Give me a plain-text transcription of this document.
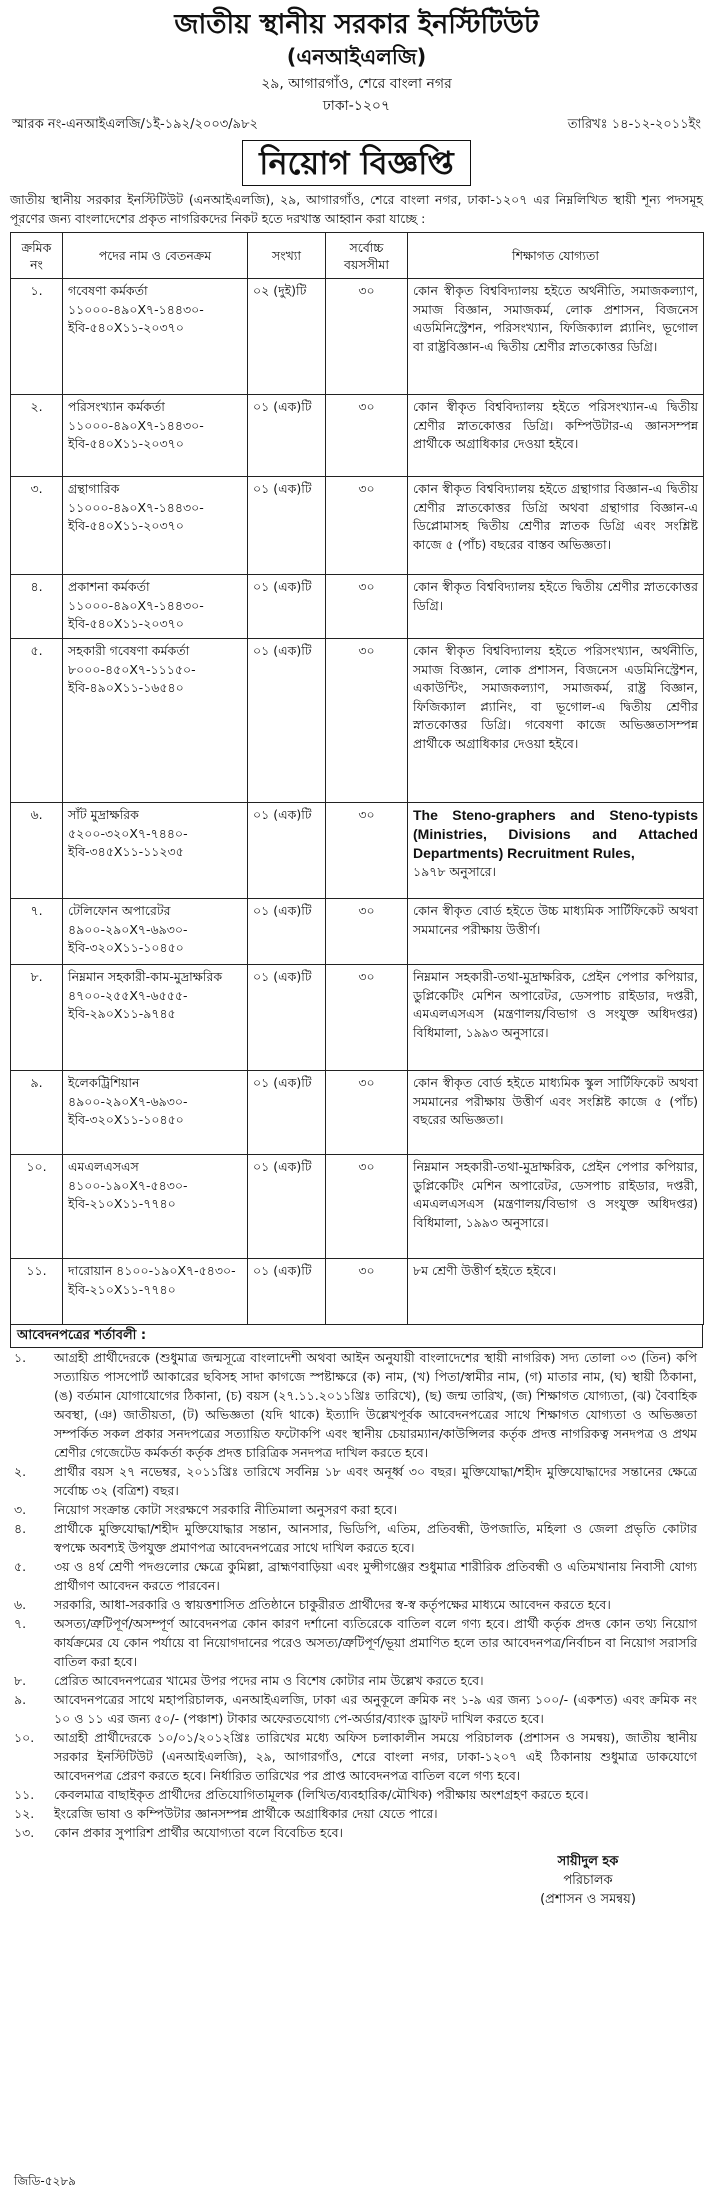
জাতীয় স্থানীয় সরকার ইনস্টিটিউট
(এনআইএলজি)
২৯, আগারগাঁও, শেরে বাংলা নগর
ঢাকা-১২০৭
স্মারক নং-এনআইএলজি/১ই-১৯২/২০০৩/৯৮২	তারিখঃ ১৪-১২-২০১১ইং
নিয়োগ বিজ্ঞপ্তি
জাতীয় স্থানীয় সরকার ইনস্টিটিউট (এনআইএলজি), ২৯, আগারগাঁও, শেরে বাংলা নগর, ঢাকা-১২০৭ এর নিম্নলিখিত স্থায়ী শূন্য পদসমূহ পূরণের জন্য বাংলাদেশের প্রকৃত নাগরিকদের নিকট হতে দরখাস্ত আহ্বান করা যাচ্ছে :
ক্রমিক নং	পদের নাম ও বেতনক্রম	সংখ্যা	সর্বোচ্চ বয়সসীমা	শিক্ষাগত যোগ্যতা
১.	গবেষণা কর্মকর্তা ১১০০০-৪৯০X৭-১৪৪৩০-ইবি-৫৪০X১১-২০৩৭০	০২ (দুই)টি	৩০	কোন স্বীকৃত বিশ্ববিদ্যালয় হইতে অর্থনীতি, সমাজকল্যাণ, সমাজ বিজ্ঞান, সমাজকর্ম, লোক প্রশাসন, বিজনেস এডমিনিস্ট্রেশন, পরিসংখ্যান, ফিজিক্যাল প্ল্যানিং, ভূগোল বা রাষ্ট্রবিজ্ঞান-এ দ্বিতীয় শ্রেণীর স্নাতকোত্তর ডিগ্রি।
২.	পরিসংখ্যান কর্মকর্তা ১১০০০-৪৯০X৭-১৪৪৩০-ইবি-৫৪০X১১-২০৩৭০	০১ (এক)টি	৩০	কোন স্বীকৃত বিশ্ববিদ্যালয় হইতে পরিসংখ্যান-এ দ্বিতীয় শ্রেণীর স্নাতকোত্তর ডিগ্রি। কম্পিউটার-এ জ্ঞানসম্পন্ন প্রার্থীকে অগ্রাধিকার দেওয়া হইবে।
৩.	গ্রন্থাগারিক ১১০০০-৪৯০X৭-১৪৪৩০-ইবি-৫৪০X১১-২০৩৭০	০১ (এক)টি	৩০	কোন স্বীকৃত বিশ্ববিদ্যালয় হইতে গ্রন্থাগার বিজ্ঞান-এ দ্বিতীয় শ্রেণীর স্নাতকোত্তর ডিগ্রি অথবা গ্রন্থাগার বিজ্ঞান-এ ডিপ্লোমাসহ দ্বিতীয় শ্রেণীর স্নাতক ডিগ্রি এবং সংশ্লিষ্ট কাজে ৫ (পাঁচ) বছরের বাস্তব অভিজ্ঞতা।
৪.	প্রকাশনা কর্মকর্তা ১১০০০-৪৯০X৭-১৪৪৩০-ইবি-৫৪০X১১-২০৩৭০	০১ (এক)টি	৩০	কোন স্বীকৃত বিশ্ববিদ্যালয় হইতে দ্বিতীয় শ্রেণীর স্নাতকোত্তর ডিগ্রি।
৫.	সহকারী গবেষণা কর্মকর্তা ৮০০০-৪৫০X৭-১১১৫০-ইবি-৪৯০X১১-১৬৫৪০	০১ (এক)টি	৩০	কোন স্বীকৃত বিশ্ববিদ্যালয় হইতে পরিসংখ্যান, অর্থনীতি, সমাজ বিজ্ঞান, লোক প্রশাসন, বিজনেস এডমিনিস্ট্রেশন, একাউন্টিং, সমাজকল্যাণ, সমাজকর্ম, রাষ্ট্র বিজ্ঞান, ফিজিক্যাল প্ল্যানিং, বা ভূগোল-এ দ্বিতীয় শ্রেণীর স্নাতকোত্তর ডিগ্রি। গবেষণা কাজে অভিজ্ঞতাসম্পন্ন প্রার্থীকে অগ্রাধিকার দেওয়া হইবে।
৬.	সাঁট মুদ্রাক্ষরিক ৫২০০-৩২০X৭-৭৪৪০-ইবি-৩৪৫X১১-১১২৩৫	০১ (এক)টি	৩০	The Steno-graphers and Steno-typists (Ministries, Divisions and Attached Departments) Recruitment Rules,
১৯৭৮ অনুসারে।

৭.	টেলিফোন অপারেটর ৪৯০০-২৯০X৭-৬৯৩০-ইবি-৩২০X১১-১০৪৫০	০১ (এক)টি	৩০	কোন স্বীকৃত বোর্ড হইতে উচ্চ মাধ্যমিক সার্টিফিকেট অথবা সমমানের পরীক্ষায় উত্তীর্ণ।
৮.	নিম্নমান সহকারী-কাম-মুদ্রাক্ষরিক ৪৭০০-২৫৫X৭-৬৫৫৫-ইবি-২৯০X১১-৯৭৪৫	০১ (এক)টি	৩০	নিম্নমান সহকারী-তথা-মুদ্রাক্ষরিক, প্রেইন পেপার কপিয়ার, ডুপ্লিকেটিং মেশিন অপারেটর, ডেসপাচ রাইডার, দপ্তরী, এমএলএসএস (মন্ত্রণালয়/বিভাগ ও সংযুক্ত অধিদপ্তর) বিধিমালা, ১৯৯৩ অনুসারে।
৯.	ইলেকট্রিশিয়ান ৪৯০০-২৯০X৭-৬৯৩০-ইবি-৩২০X১১-১০৪৫০	০১ (এক)টি	৩০	কোন স্বীকৃত বোর্ড হইতে মাধ্যমিক স্কুল সার্টিফিকেট অথবা সমমানের পরীক্ষায় উত্তীর্ণ এবং সংশ্লিষ্ট কাজে ৫ (পাঁচ) বছরের অভিজ্ঞতা।
১০.	এমএলএসএস ৪১০০-১৯০X৭-৫৪৩০-ইবি-২১০X১১-৭৭৪০	০১ (এক)টি	৩০	নিম্নমান সহকারী-তথা-মুদ্রাক্ষরিক, প্রেইন পেপার কপিয়ার, ডুপ্লিকেটিং মেশিন অপারেটর, ডেসপাচ রাইডার, দপ্তরী, এমএলএসএস (মন্ত্রণালয়/বিভাগ ও সংযুক্ত অধিদপ্তর) বিধিমালা, ১৯৯৩ অনুসারে।
১১.	দারোয়ান ৪১০০-১৯০X৭-৫৪৩০-ইবি-২১০X১১-৭৭৪০	০১ (এক)টি	৩০	৮ম শ্রেণী উত্তীর্ণ হইতে হইবে।
আবেদনপত্রের শর্তাবলী :
১.	আগ্রহী প্রার্থীদেরকে (শুধুমাত্র জন্মসূত্রে বাংলাদেশী অথবা আইন অনুযায়ী বাংলাদেশের স্থায়ী নাগরিক) সদ্য তোলা ০৩ (তিন) কপি সত্যায়িত পাসপোর্ট আকারের ছবিসহ সাদা কাগজে স্পষ্টাক্ষরে (ক) নাম, (খ) পিতা/স্বামীর নাম, (গ) মাতার নাম, (ঘ) স্থায়ী ঠিকানা, (ঙ) বর্তমান যোগাযোগের ঠিকানা, (চ) বয়স (২৭.১১.২০১১খ্রিঃ তারিখে), (ছ) জন্ম তারিখ, (জ) শিক্ষাগত যোগ্যতা, (ঝ) বৈবাহিক অবস্থা, (ঞ) জাতীয়তা, (ট) অভিজ্ঞতা (যদি থাকে) ইত্যাদি উল্লেখপূর্বক আবেদনপত্রের সাথে শিক্ষাগত যোগ্যতা ও অভিজ্ঞতা সম্পর্কিত সকল প্রকার সনদপত্রের সত্যায়িত ফটোকপি এবং স্থানীয় চেয়ারম্যান/কাউন্সিলর কর্তৃক প্রদত্ত নাগরিকত্ব সনদপত্র ও প্রথম শ্রেণীর গেজেটেড কর্মকর্তা কর্তৃক প্রদত্ত চারিত্রিক সনদপত্র দাখিল করতে হবে।
২.	প্রার্থীর বয়স ২৭ নভেম্বর, ২০১১খ্রিঃ তারিখে সর্বনিম্ন ১৮ এবং অনূর্ধ্ব ৩০ বছর। মুক্তিযোদ্ধা/শহীদ মুক্তিযোদ্ধাদের সন্তানের ক্ষেত্রে সর্বোচ্চ ৩২ (বত্রিশ) বছর।
৩.	নিয়োগ সংক্রান্ত কোটা সংরক্ষণে সরকারি নীতিমালা অনুসরণ করা হবে।
৪.	প্রার্থীকে মুক্তিযোদ্ধা/শহীদ মুক্তিযোদ্ধার সন্তান, আনসার, ভিডিপি, এতিম, প্রতিবন্ধী, উপজাতি, মহিলা ও জেলা প্রভৃতি কোটার স্বপক্ষে অবশ্যই উপযুক্ত প্রমাণপত্র আবেদনপত্রের সাথে দাখিল করতে হবে।
৫.	৩য় ও ৪র্থ শ্রেণী পদগুলোর ক্ষেত্রে কুমিল্লা, ব্রাহ্মণবাড়িয়া এবং মুন্সীগঞ্জের শুধুমাত্র শারীরিক প্রতিবন্ধী ও এতিমখানায় নিবাসী যোগ্য প্রার্থীগণ আবেদন করতে পারবেন।
৬.	সরকারি, আধা-সরকারি ও স্বায়ত্তশাসিত প্রতিষ্ঠানে চাকুরীরত প্রার্থীদের স্ব-স্ব কর্তৃপক্ষের মাধ্যমে আবেদন করতে হবে।
৭.	অসত্য/ত্রুটিপূর্ণ/অসম্পূর্ণ আবেদনপত্র কোন কারণ দর্শানো ব্যতিরেকে বাতিল বলে গণ্য হবে। প্রার্থী কর্তৃক প্রদত্ত কোন তথ্য নিয়োগ কার্যক্রমের যে কোন পর্যায়ে বা নিয়োগদানের পরেও অসত্য/ত্রুটিপূর্ণ/ভূয়া প্রমাণিত হলে তার আবেদনপত্র/নির্বাচন বা নিয়োগ সরাসরি বাতিল করা হবে।
৮.	প্রেরিত আবেদনপত্রের খামের উপর পদের নাম ও বিশেষ কোটার নাম উল্লেখ করতে হবে।
৯.	আবেদনপত্রের সাথে মহাপরিচালক, এনআইএলজি, ঢাকা এর অনুকূলে ক্রমিক নং ১-৯ এর জন্য ১০০/- (একশত) এবং ক্রমিক নং ১০ ও ১১ এর জন্য ৫০/- (পঞ্চাশ) টাকার অফেরতযোগ্য পে-অর্ডার/ব্যাংক ড্রাফট দাখিল করতে হবে।
১০.	আগ্রহী প্রার্থীদেরকে ১০/০১/২০১২খ্রিঃ তারিখের মধ্যে অফিস চলাকালীন সময়ে পরিচালক (প্রশাসন ও সমন্বয়), জাতীয় স্থানীয় সরকার ইনস্টিটিউট (এনআইএলজি), ২৯, আগারগাঁও, শেরে বাংলা নগর, ঢাকা-১২০৭ এই ঠিকানায় শুধুমাত্র ডাকযোগে আবেদনপত্র প্রেরণ করতে হবে। নির্ধারিত তারিখের পর প্রাপ্ত আবেদনপত্র বাতিল বলে গণ্য হবে।
১১.	কেবলমাত্র বাছাইকৃত প্রার্থীদের প্রতিযোগিতামূলক (লিখিত/ব্যবহারিক/মৌখিক) পরীক্ষায় অংশগ্রহণ করতে হবে।
১২.	ইংরেজি ভাষা ও কম্পিউটার জ্ঞানসম্পন্ন প্রার্থীকে অগ্রাধিকার দেয়া যেতে পারে।
১৩.	কোন প্রকার সুপারিশ প্রার্থীর অযোগ্যতা বলে বিবেচিত হবে।
সায়ীদুল হক
পরিচালক
(প্রশাসন ও সমন্বয়)
জিডি-৫২৮৯
